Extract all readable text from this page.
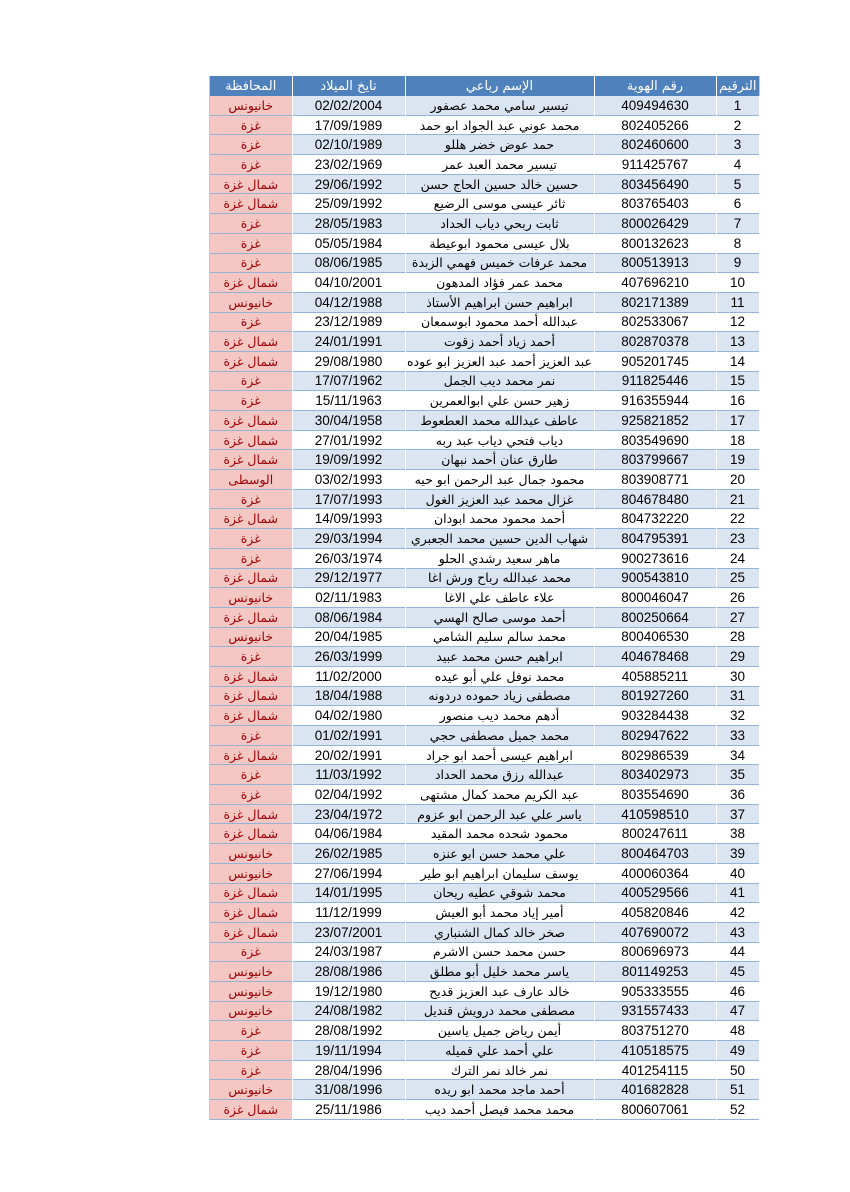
المحافظة	تايخ الميلاد	الإسم رباعي	رقم الهوية	الترقيم
خانيونس	02/02/2004	تيسير سامي محمد عصفور	409494630	1
غزة	17/09/1989	محمد عوني عبد الجواد ابو حمد	802405266	2
غزة	02/10/1989	حمد عوض خضر هللو	802460600	3
غزة	23/02/1969	تيسير محمد العبد عمر	911425767	4
شمال غزة	29/06/1992	حسين خالد حسين الحاج حسن	803456490	5
شمال غزة	25/09/1992	ثائر عيسى موسى الرضيع	803765403	6
غزة	28/05/1983	ثابت ربحي دياب الحداد	800026429	7
غزة	05/05/1984	بلال عيسى محمود ابوعيطة	800132623	8
غزة	08/06/1985	محمد عرفات خميس فهمي الزبدة	800513913	9
شمال غزة	04/10/2001	محمد عمر فؤاد المدهون	407696210	10
خانيونس	04/12/1988	ابراهيم حسن ابراهيم الأستاذ	802171389	11
غزة	23/12/1989	عبدالله أحمد محمود ابوسمعان	802533067	12
شمال غزة	24/01/1991	أحمد زياد أحمد زقوت	802870378	13
شمال غزة	29/08/1980	عبد العزيز أحمد عبد العزيز ابو عوده	905201745	14
غزة	17/07/1962	نمر محمد ديب الجمل	911825446	15
غزة	15/11/1963	زهير حسن علي ابوالعمرين	916355944	16
شمال غزة	30/04/1958	عاطف عبدالله محمد العطعوط	925821852	17
شمال غزة	27/01/1992	دياب فتحي دياب عبد ربه	803549690	18
شمال غزة	19/09/1992	طارق عنان أحمد نبهان	803799667	19
الوسطى	03/02/1993	محمود جمال عبد الرحمن ابو حيه	803908771	20
غزة	17/07/1993	غزال محمد عبد العزيز الغول	804678480	21
شمال غزة	14/09/1993	أحمد محمود محمد ابودان	804732220	22
غزة	29/03/1994	شهاب الدين حسين محمد الجعبري	804795391	23
غزة	26/03/1974	ماهر سعيد رشدي الحلو	900273616	24
شمال غزة	29/12/1977	محمد عبدالله رباح ورش اغا	900543810	25
خانيونس	02/11/1983	علاء عاطف علي الاغا	800046047	26
شمال غزة	08/06/1984	أحمد موسى صالح الهسي	800250664	27
خانيونس	20/04/1985	محمد سالم سليم الشامي	800406530	28
غزة	26/03/1999	ابراهيم حسن محمد عبيد	404678468	29
شمال غزة	11/02/2000	محمد نوفل علي أبو عيده	405885211	30
شمال غزة	18/04/1988	مصطفى زياد حموده دردونه	801927260	31
شمال غزة	04/02/1980	أدهم محمد ديب منصور	903284438	32
غزة	01/02/1991	محمد جميل مصطفى حجي	802947622	33
شمال غزة	20/02/1991	ابراهيم عيسى أحمد ابو جراد	802986539	34
غزة	11/03/1992	عبدالله رزق محمد الحداد	803402973	35
غزة	02/04/1992	عبد الكريم محمد كمال مشتهى	803554690	36
شمال غزة	23/04/1972	ياسر علي عبد الرحمن ابو عزوم	410598510	37
شمال غزة	04/06/1984	محمود شحده محمد المقيد	800247611	38
خانيونس	26/02/1985	علي محمد حسن ابو عنزه	800464703	39
خانيونس	27/06/1994	يوسف سليمان ابراهيم ابو طير	400060364	40
شمال غزة	14/01/1995	محمد شوقي عطيه ريحان	400529566	41
شمال غزة	11/12/1999	أمير إياد محمد أبو العيش	405820846	42
شمال غزة	23/07/2001	صخر خالد كمال الشنباري	407690072	43
غزة	24/03/1987	حسن محمد حسن الاشرم	800696973	44
خانيونس	28/08/1986	ياسر محمد خليل أبو مطلق	801149253	45
خانيونس	19/12/1980	خالد عارف عبد العزيز قديح	905333555	46
خانيونس	24/08/1982	مصطفى محمد درويش قنديل	931557433	47
غزة	28/08/1992	أيمن رياض جميل ياسين	803751270	48
غزة	19/11/1994	علي أحمد علي قميله	410518575	49
غزة	28/04/1996	نمر خالد نمر الترك	401254115	50
خانيونس	31/08/1996	أحمد ماجد محمد ابو ريده	401682828	51
شمال غزة	25/11/1986	محمد محمد فيصل أحمد ديب	800607061	52
